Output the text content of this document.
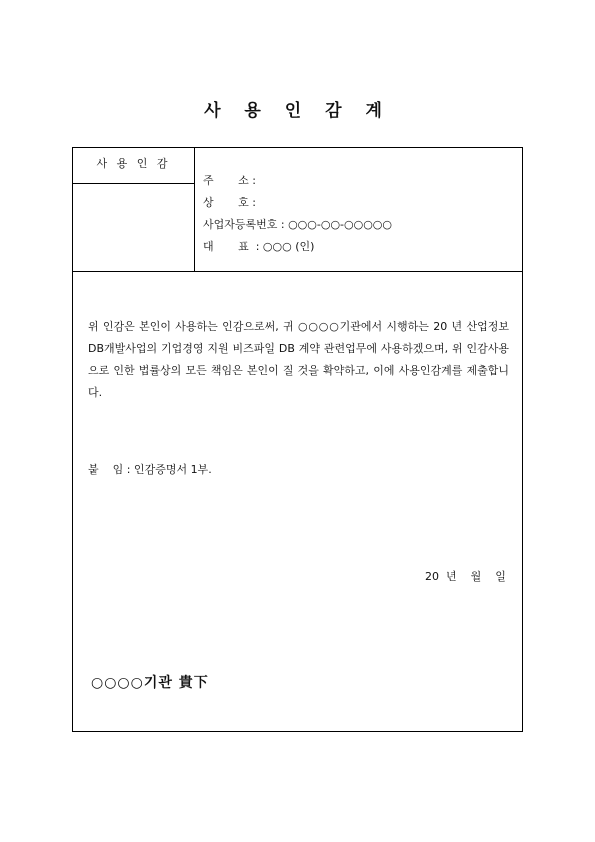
사 용 인 감 계
사 용 인 감
주       소 :
상       호 :
사업자등록번호 : ○○○-○○-○○○○○
대       표  : ○○○ (인)
위 인감은 본인이 사용하는 인감으로써, 귀 ○○○○기관에서 시행하는 20 년 산업정보 DB개발사업의 기업경영 지원 비즈파일 DB 계약 관련업무에 사용하겠으며, 위 인감사용으로 인한 법률상의 모든 책임은 본인이 질 것을 확약하고, 이에 사용인감계를 제출합니다.
붙    임 : 인감증명서 1부.
20  년    월    일
○○○○기관 貴下
